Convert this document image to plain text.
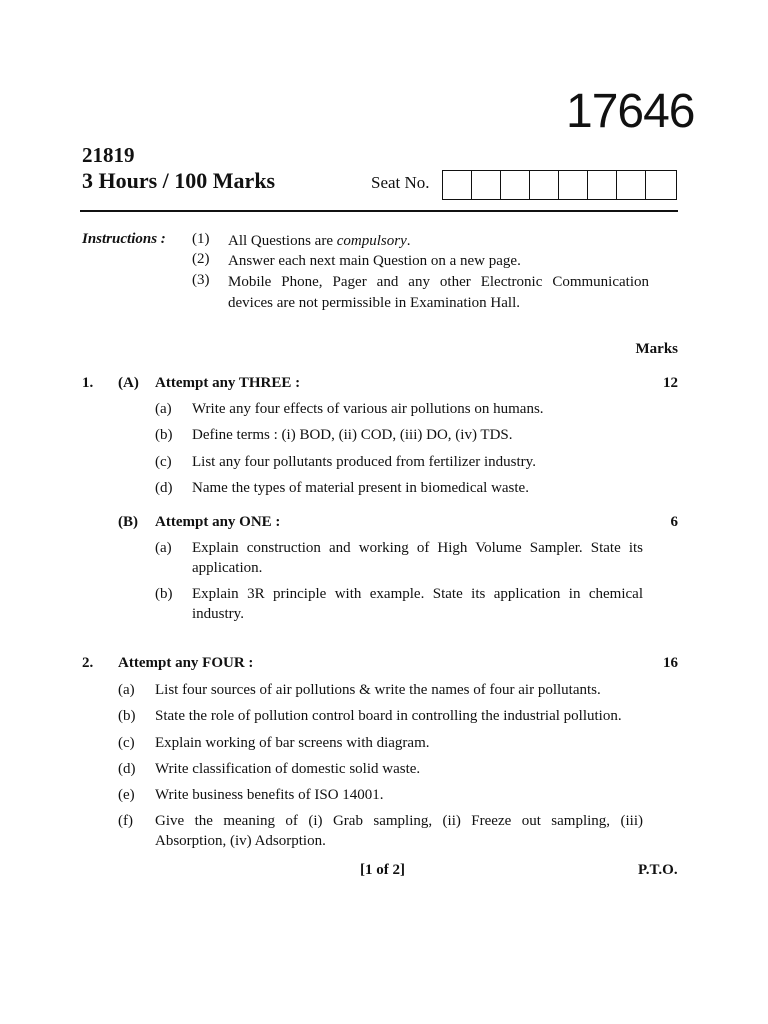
17646
21819
3 Hours / 100 Marks	Seat No.
Instructions : (1) All Questions are compulsory.
(2) Answer each next main Question on a new page.
(3) Mobile Phone, Pager and any other Electronic Communication devices are not permissible in Examination Hall.
Marks
1. (A) Attempt any THREE :	12
(a) Write any four effects of various air pollutions on humans.
(b) Define terms : (i) BOD, (ii) COD, (iii) DO, (iv) TDS.
(c) List any four pollutants produced from fertilizer industry.
(d) Name the types of material present in biomedical waste.
(B) Attempt any ONE :	6
(a) Explain construction and working of High Volume Sampler. State its application.
(b) Explain 3R principle with example. State its application in chemical industry.
2. Attempt any FOUR :	16
(a) List four sources of air pollutions & write the names of four air pollutants.
(b) State the role of pollution control board in controlling the industrial pollution.
(c) Explain working of bar screens with diagram.
(d) Write classification of domestic solid waste.
(e) Write business benefits of ISO 14001.
(f) Give the meaning of (i) Grab sampling, (ii) Freeze out sampling, (iii) Absorption, (iv) Adsorption.
[1 of 2]	P.T.O.
